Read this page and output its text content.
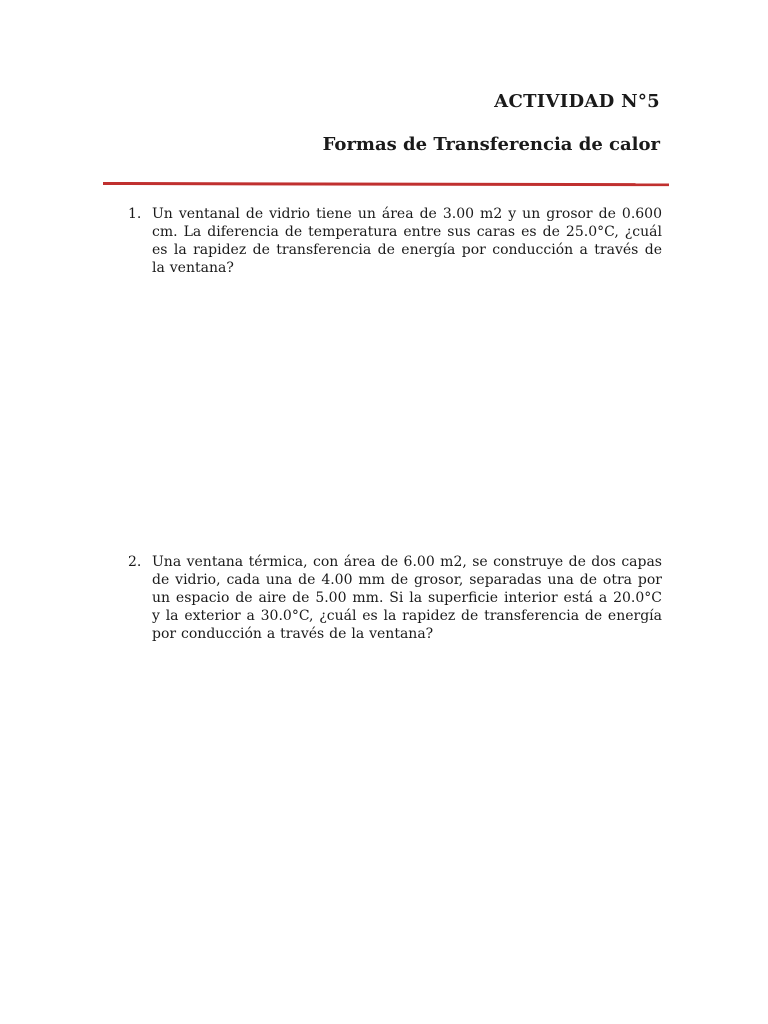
ACTIVIDAD N°5
Formas de Transferencia de calor
1. Un ventanal de vidrio tiene un área de 3.00 m2 y un grosor de 0.600 cm. La diferencia de temperatura entre sus caras es de 25.0°C, ¿cuál es la rapidez de transferencia de energía por conducción a través de la ventana?
2. Una ventana térmica, con área de 6.00 m2, se construye de dos capas de vidrio, cada una de 4.00 mm de grosor, separadas una de otra por un espacio de aire de 5.00 mm. Si la superficie interior está a 20.0°C y la exterior a 30.0°C, ¿cuál es la rapidez de transferencia de energía por conducción a través de la ventana?
